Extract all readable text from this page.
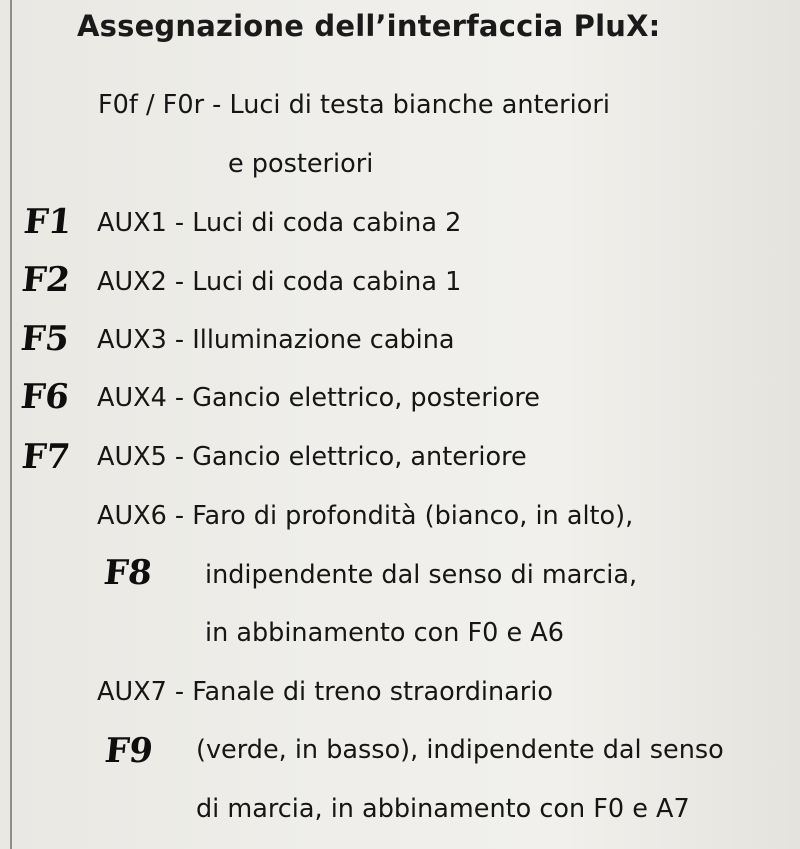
Assegnazione dell’interfaccia PluX:
F0f / F0r - Luci di testa bianche anteriori
e posteriori
AUX1 - Luci di coda cabina 2
AUX2 - Luci di coda cabina 1
AUX3 - Illuminazione cabina
AUX4 - Gancio elettrico, posteriore
AUX5 - Gancio elettrico, anteriore
AUX6 - Faro di profondità (bianco, in alto),
indipendente dal senso di marcia,
in abbinamento con F0 e A6
AUX7 - Fanale di treno straordinario
(verde, in basso), indipendente dal senso
di marcia, in abbinamento con F0 e A7
F1
F2
F5
F6
F7
F8
F9
